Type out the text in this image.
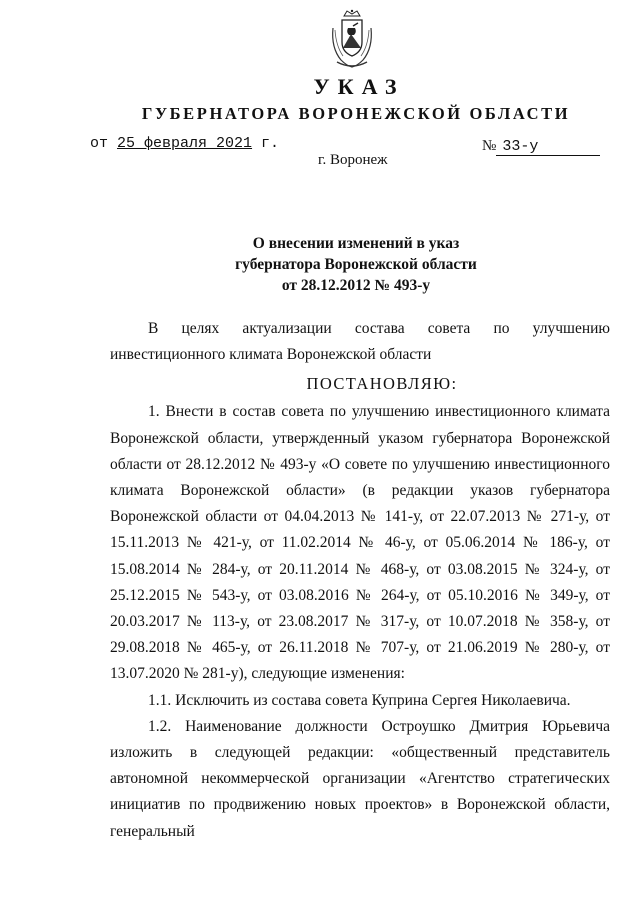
УКАЗ
ГУБЕРНАТОРА ВОРОНЕЖСКОЙ ОБЛАСТИ
от 25 февраля 2021 г.	№ 33-у
г. Воронеж
О внесении изменений в указ
губернатора Воронежской области
от 28.12.2012 № 493-у

В целях актуализации состава совета по улучшению инвестиционного климата Воронежской области

ПОСТАНОВЛЯЮ:

1. Внести в состав совета по улучшению инвестиционного климата Воронежской области, утвержденный указом губернатора Воронежской области от 28.12.2012 № 493-у «О совете по улучшению инвестиционного климата Воронежской области» (в редакции указов губернатора Воронежской области от 04.04.2013 № 141-у, от 22.07.2013 № 271-у, от 15.11.2013 № 421-у, от 11.02.2014 № 46-у, от 05.06.2014 № 186-у, от 15.08.2014 № 284-у, от 20.11.2014 № 468-у, от 03.08.2015 № 324-у, от 25.12.2015 № 543-у, от 03.08.2016 № 264-у, от 05.10.2016 № 349-у, от 20.03.2017 № 113-у, от 23.08.2017 № 317-у, от 10.07.2018 № 358-у, от 29.08.2018 № 465-у, от 26.11.2018 № 707-у, от 21.06.2019 № 280-у, от 13.07.2020 № 281-у), следующие изменения:

1.1. Исключить из состава совета Куприна Сергея Николаевича.

1.2. Наименование должности Остроушко Дмитрия Юрьевича изложить в следующей редакции: «общественный представитель автономной некоммерческой организации «Агентство стратегических инициатив по продвижению новых проектов» в Воронежской области, генеральный
